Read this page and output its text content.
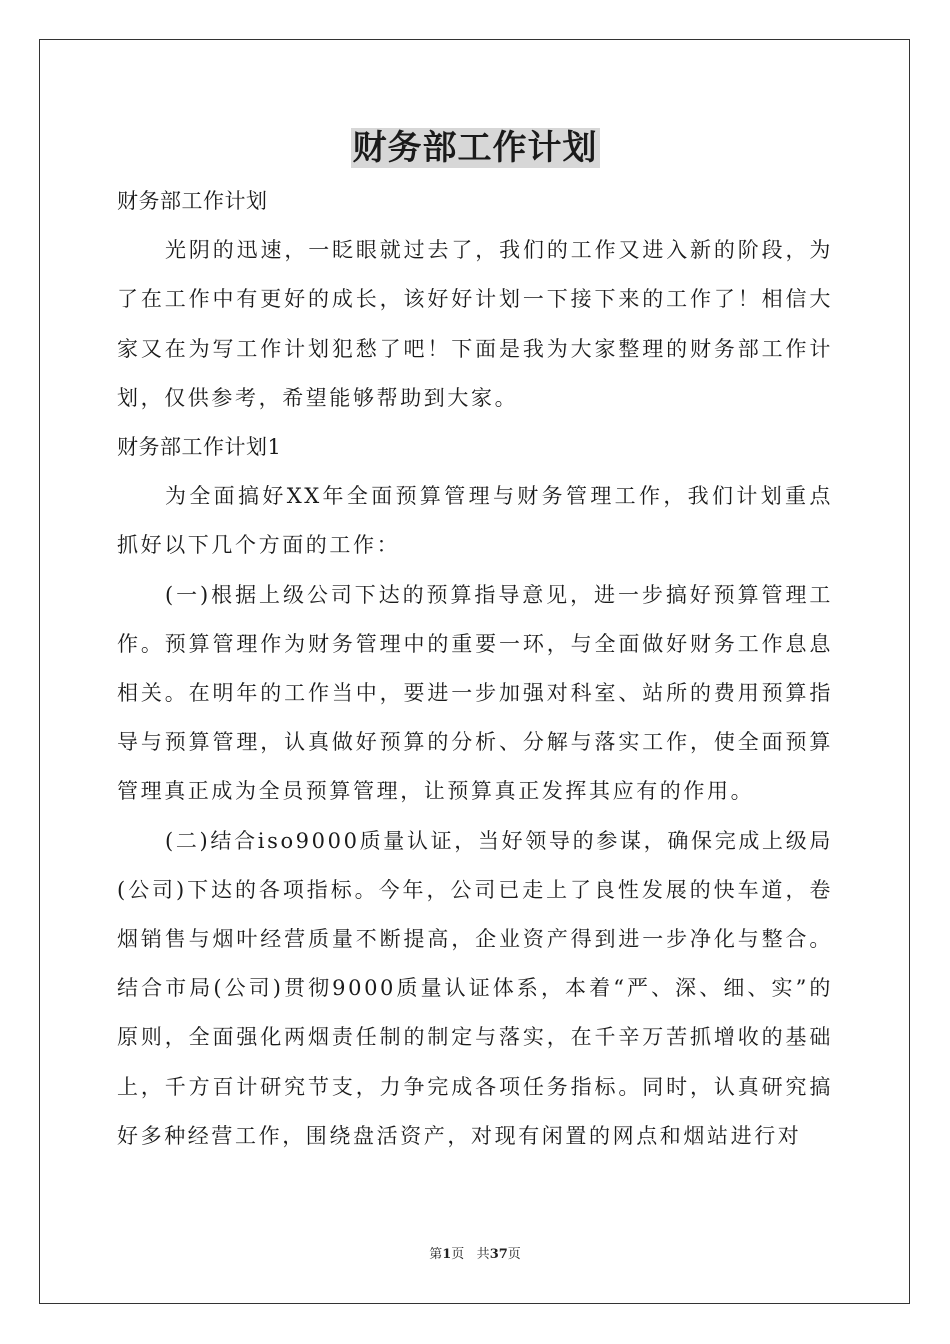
财务部工作计划

财务部工作计划

光阴的迅速，一眨眼就过去了，我们的工作又进入新的阶段，为了在工作中有更好的成长，该好好计划一下接下来的工作了！相信大家又在为写工作计划犯愁了吧！下面是我为大家整理的财务部工作计划，仅供参考，希望能够帮助到大家。

财务部工作计划1

为全面搞好XX年全面预算管理与财务管理工作，我们计划重点抓好以下几个方面的工作：

(一)根据上级公司下达的预算指导意见，进一步搞好预算管理工作。预算管理作为财务管理中的重要一环，与全面做好财务工作息息相关。在明年的工作当中，要进一步加强对科室、站所的费用预算指导与预算管理，认真做好预算的分析、分解与落实工作，使全面预算管理真正成为全员预算管理，让预算真正发挥其应有的作用。

(二)结合iso9000质量认证，当好领导的参谋，确保完成上级局(公司)下达的各项指标。今年，公司已走上了良性发展的快车道，卷烟销售与烟叶经营质量不断提高，企业资产得到进一步净化与整合。结合市局(公司)贯彻9000质量认证体系，本着“严、深、细、实”的原则，全面强化两烟责任制的制定与落实，在千辛万苦抓增收的基础上，千方百计研究节支，力争完成各项任务指标。同时，认真研究搞好多种经营工作，围绕盘活资产，对现有闲置的网点和烟站进行对

第1页 共37页
